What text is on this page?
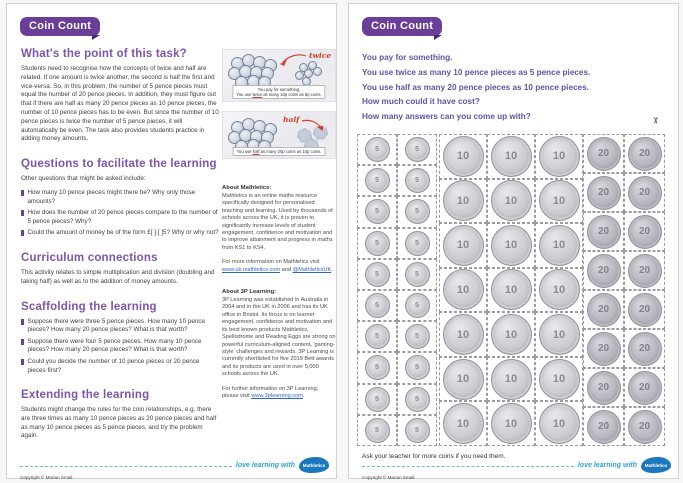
Coin Count
What's the point of this task?

Students need to recognise how the concepts of twice and half are related. If one amount is twice another, the second is half the first and vice-versa. So, in this problem, the number of 5 pence pieces must equal the number of 20 pence pieces. In addition, they must figure out that if there are half as many 20 pence pieces as 10 pence pieces, the number of 10 pence pieces has to be even. But since the number of 10 pence pieces is twice the number of 5 pence pieces, it will automatically be even. The task also provides students practice in adding money amounts.

Questions to facilitate the learning

Other questions that might be asked include:

How many 10 pence pieces might there be? Why only those amounts?
How does the number of 20 pence pieces compare to the number of 5 pence pieces? Why?
Could the amount of money be of the form £[ ].[ ]5? Why or why not?
Curriculum connections

This activity relates to simple multiplication and division (doubling and taking half) as well as to the addition of money amounts.

Scaffolding the learning
Suppose there were three 5 pence pieces. How many 10 pence pieces? How many 20 pence pieces? What is that worth?
Suppose there were four 5 pence pieces. How many 10 pence pieces? How many 20 pence pieces? What is that worth?
Could you decide the number of 10 pence pieces or 20 pence pieces first?
Extending the learning

Students might change the rules for the coin relationships, e.g. there are three times as many 10 pence pieces as 20 pence pieces and half as many 10 pence pieces as 5 pence pieces, and try the problem again.

twice
You pay for something.
You use twice as many 10p coins as 5p coins.
half
You use half as many 20p coins as 10p coins.

About Mathletics:

Mathletics is an online maths resource specifically designed for personalised teaching and learning. Used by thousands of schools across the UK, it is proven to significantly increase levels of student engagement, confidence and motivation and to improve attainment and progress in maths from KS1 to KS4.

For more information on Mathletics visit www.uk.mathletics.com and @MathleticsUK.

About 3P Learning:

3P Learning was established in Australia in 2004 and in the UK in 2006 and has its UK office in Bristol. Its focus is on learner engagement, confidence and motivation and its best known products Mathletics, Spellodrome and Reading Eggs are strong on powerful curriculum-aligned content, 'gaming-style' challenges and rewards. 3P Learning is currently shortlisted for five 2019 Bett awards and its products are used in over 5,000 schools across the UK.

For further information on 3P Learning, please visit www.3plearning.com.

love learning with Mathletics
Copyright © Marian Small
Coin Count
You pay for something.
You use twice as many 10 pence pieces as 5 pence pieces.
You use half as many 20 pence pieces as 10 pence pieces.
How much could it have cost?
How many answers can you come up with?	✂
5	5
5	5
5	5
5	5
5	5
5	5
5	5
5	5
5	5
5	5
10	10	10
10	10	10
10	10	10
10	10	10
10	10	10
10	10	10
10	10	10
20	20
20	20
20	20
20	20
20	20
20	20
20	20
20	20
Ask your teacher for more coins if you need them.
love learning with Mathletics
Copyright © Marian Small
